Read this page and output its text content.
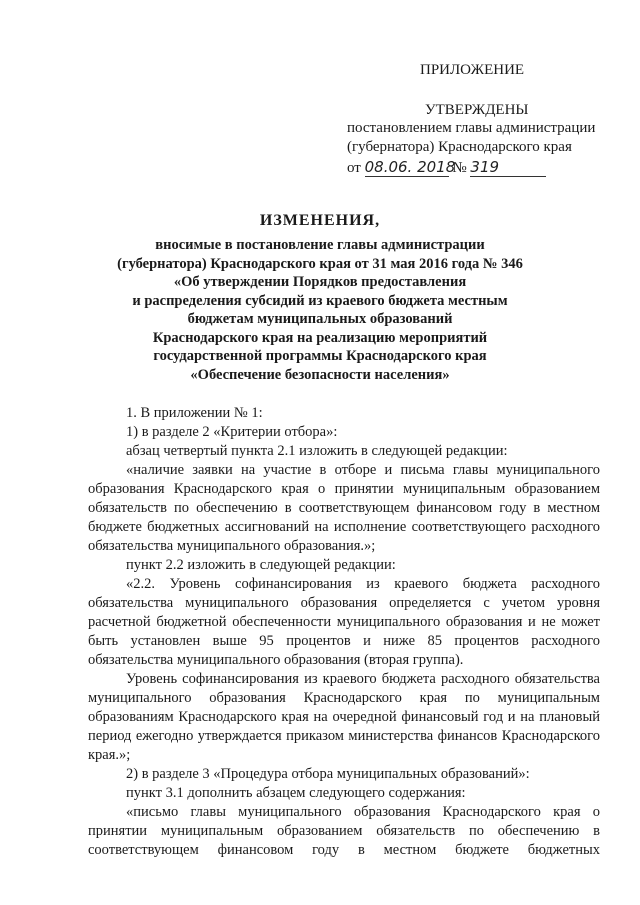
ПРИЛОЖЕНИЕ
УТВЕРЖДЕНЫ
постановлением главы администрации
(губернатора) Краснодарского края
от 08.06. 2018 № 319
ИЗМЕНЕНИЯ,
вносимые в постановление главы администрации
(губернатора) Краснодарского края от 31 мая 2016 года № 346
«Об утверждении Порядков предоставления
и распределения субсидий из краевого бюджета местным
бюджетам муниципальных образований
Краснодарского края на реализацию мероприятий
государственной программы Краснодарского края
«Обеспечение безопасности населения»
1. В приложении № 1:
1) в разделе 2 «Критерии отбора»:
абзац четвертый пункта 2.1 изложить в следующей редакции:
«наличие заявки на участие в отборе и письма главы муниципального образования Краснодарского края о принятии муниципальным образованием обязательств по обеспечению в соответствующем финансовом году в местном бюджете бюджетных ассигнований на исполнение соответствующего расходного обязательства муниципального образования.»;
пункт 2.2 изложить в следующей редакции:
«2.2. Уровень софинансирования из краевого бюджета расходного обязательства муниципального образования определяется с учетом уровня расчетной бюджетной обеспеченности муниципального образования и не может быть установлен выше 95 процентов и ниже 85 процентов расходного обязательства муниципального образования (вторая группа).
Уровень софинансирования из краевого бюджета расходного обязательства муниципального образования Краснодарского края по муниципальным образованиям Краснодарского края на очередной финансовый год и на плановый период ежегодно утверждается приказом министерства финансов Краснодарского края.»;
2) в разделе 3 «Процедура отбора муниципальных образований»:
пункт 3.1 дополнить абзацем следующего содержания:
«письмо главы муниципального образования Краснодарского края о принятии муниципальным образованием обязательств по обеспечению в соответствующем финансовом году в местном бюджете бюджетных
